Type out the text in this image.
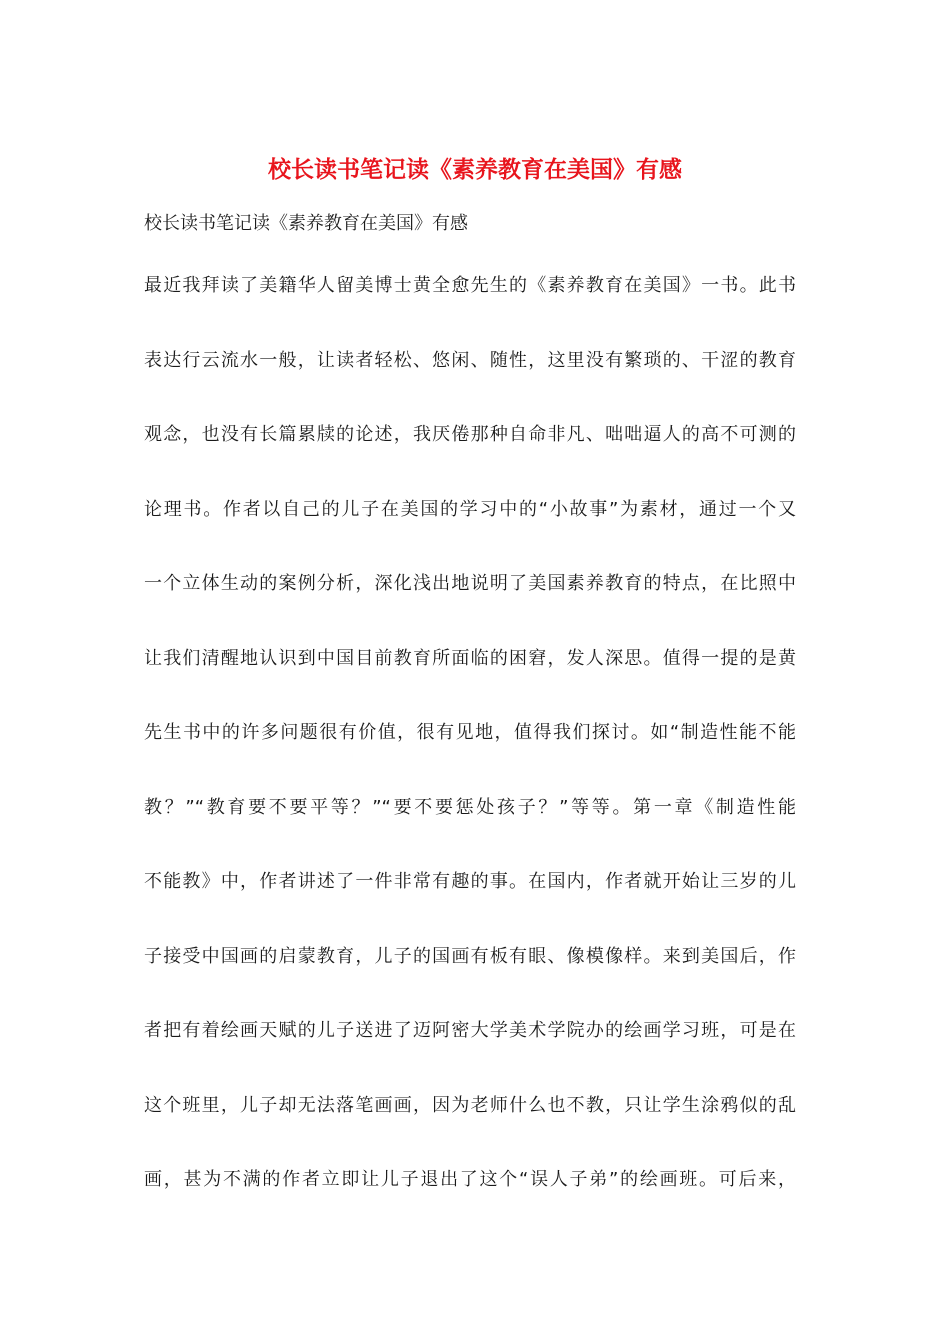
校长读书笔记读《素养教育在美国》有感

校长读书笔记读《素养教育在美国》有感

最近我拜读了美籍华人留美博士黄全愈先生的《素养教育在美国》一书。此书
表达行云流水一般，让读者轻松、悠闲、随性，这里没有繁琐的、干涩的教育
观念，也没有长篇累牍的论述，我厌倦那种自命非凡、咄咄逼人的高不可测的
论理书。作者以自己的儿子在美国的学习中的“小故事”为素材，通过一个又
一个立体生动的案例分析，深化浅出地说明了美国素养教育的特点，在比照中
让我们清醒地认识到中国目前教育所面临的困窘，发人深思。值得一提的是黄
先生书中的许多问题很有价值，很有见地，值得我们探讨。如“制造性能不能
教？”“教育要不要平等？”“要不要惩处孩子？”等等。第一章《制造性能
不能教》中，作者讲述了一件非常有趣的事。在国内，作者就开始让三岁的儿
子接受中国画的启蒙教育，儿子的国画有板有眼、像模像样。来到美国后，作
者把有着绘画天赋的儿子送进了迈阿密大学美术学院办的绘画学习班，可是在
这个班里，儿子却无法落笔画画，因为老师什么也不教，只让学生涂鸦似的乱
画，甚为不满的作者立即让儿子退出了这个“误人子弟”的绘画班。可后来，
